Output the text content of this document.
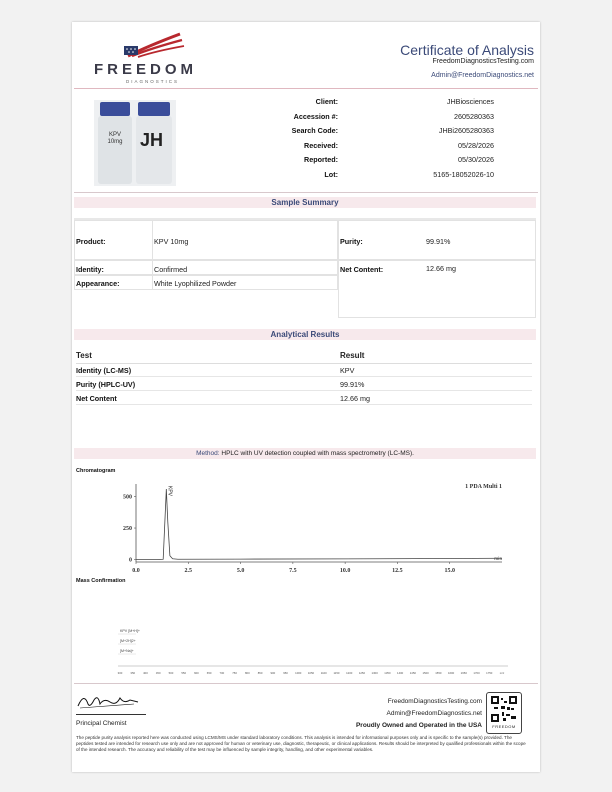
FREEDOM
DIAGNOSTICS
Certificate of Analysis
FreedomDiagnosticsTesting.com
Admin@FreedomDiagnostics.net
KPV
10mg JH
Client:	JHBiosciences
Accession #:	2605280363
Search Code:	JHBi2605280363
Received:	05/28/2026
Reported:	05/30/2026
Lot:	5165-18052026-10
Sample Summary
Product:	KPV 10mg	Purity:	99.91%
Identity:	Confirmed	Net Content:	12.66 mg
Appearance:	White Lyophilized Powder
Analytical Results
Test	Result
Identity (LC-MS)	KPV
Purity (HPLC-UV)	99.91%
Net Content	12.66 mg
Method: HPLC with UV detection coupled with mass spectrometry (LC-MS).
Chromatogram
0.0	2.5	5.0	7.5	10.0	12.5	15.0
0
250
500
KPV	1 PDA Multi 1
min
Mass Confirmation
300	350	400	450	500	550	600	650	700	750	800	850	900	950	1000 1050 1100 1150 1200 1250 1300 1350 1400 1450 1500 1550 1600 1650 1700 1750	m/z
KPV [M+H]+
[M+2H]2+
[M+Na]+
Principal Chemist
FreedomDiagnosticsTesting.com
Admin@FreedomDiagnostics.net
Proudly Owned and Operated in the USA	FREEDOM
The peptide purity analysis reported here was conducted using LCMS/MS under standard laboratory conditions. This analysis is intended for informational purposes only and is specific to the sample(s) provided. The peptides tested are intended for research use only and are not approved for human or veterinary use, diagnostic, therapeutic, or clinical applications. Results should be interpreted by qualified professionals within the scope of the intended research. The accuracy and reliability of the test may be influenced by sample integrity, handling, and other experimental variables.
